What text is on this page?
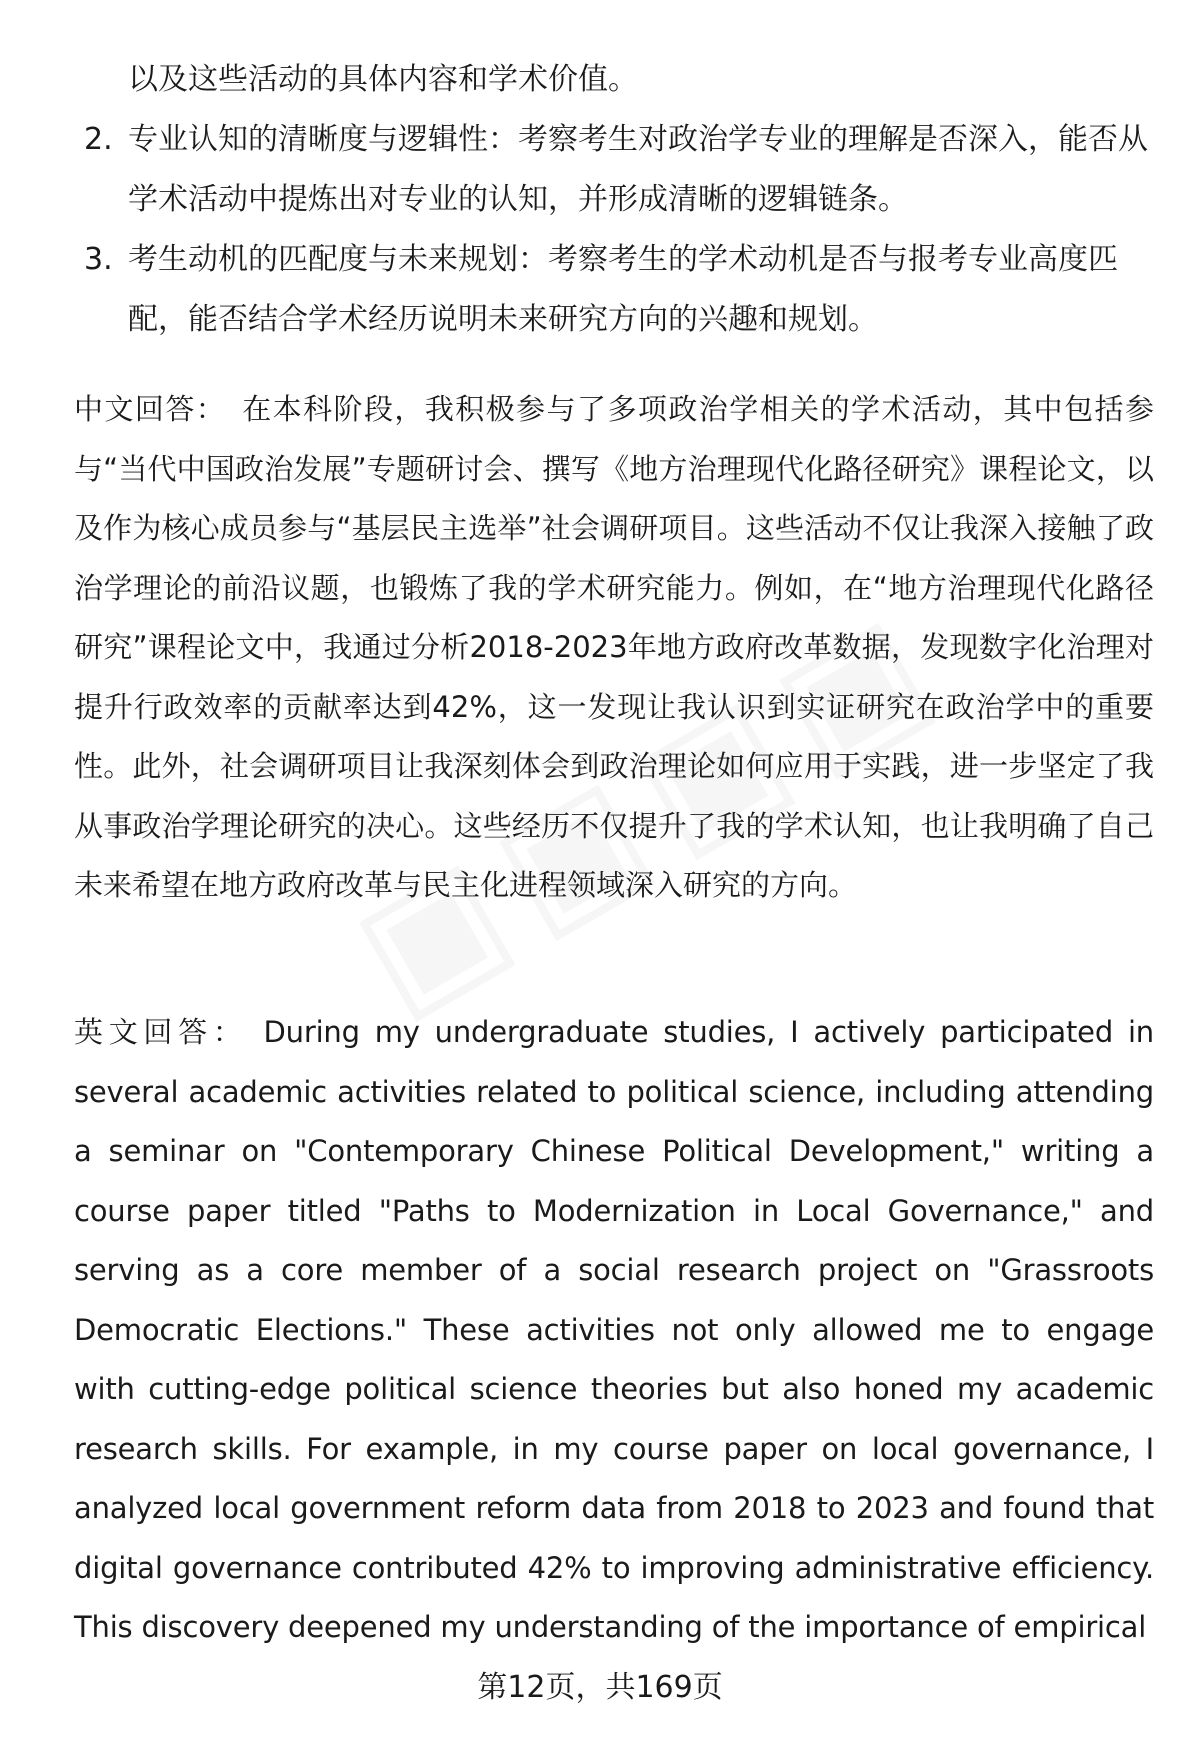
以及这些活动的具体内容和学术价值。
2. 专业认知的清晰度与逻辑性：考察考生对政治学专业的理解是否深入，能否从学术活动中提炼出对专业的认知，并形成清晰的逻辑链条。
3. 考生动机的匹配度与未来规划：考察考生的学术动机是否与报考专业高度匹配，能否结合学术经历说明未来研究方向的兴趣和规划。
中文回答： 在本科阶段，我积极参与了多项政治学相关的学术活动，其中包括参与“当代中国政治发展”专题研讨会、撰写《地方治理现代化路径研究》课程论文，以及作为核心成员参与“基层民主选举”社会调研项目。这些活动不仅让我深入接触了政治学理论的前沿议题，也锻炼了我的学术研究能力。例如，在“地方治理现代化路径研究”课程论文中，我通过分析2018-2023年地方政府改革数据，发现数字化治理对提升行政效率的贡献率达到42%，这一发现让我认识到实证研究在政治学中的重要性。此外，社会调研项目让我深刻体会到政治理论如何应用于实践，进一步坚定了我从事政治学理论研究的决心。这些经历不仅提升了我的学术认知，也让我明确了自己未来希望在地方政府改革与民主化进程领域深入研究的方向。
英文回答： During my undergraduate studies, I actively participated in several academic activities related to political science, including attending a seminar on "Contemporary Chinese Political Development," writing a course paper titled "Paths to Modernization in Local Governance," and serving as a core member of a social research project on "Grassroots Democratic Elections." These activities not only allowed me to engage with cutting-edge political science theories but also honed my academic research skills. For example, in my course paper on local governance, I analyzed local government reform data from 2018 to 2023 and found that digital governance contributed 42% to improving administrative efficiency. This discovery deepened my understanding of the importance of empirical
第12页，共169页
